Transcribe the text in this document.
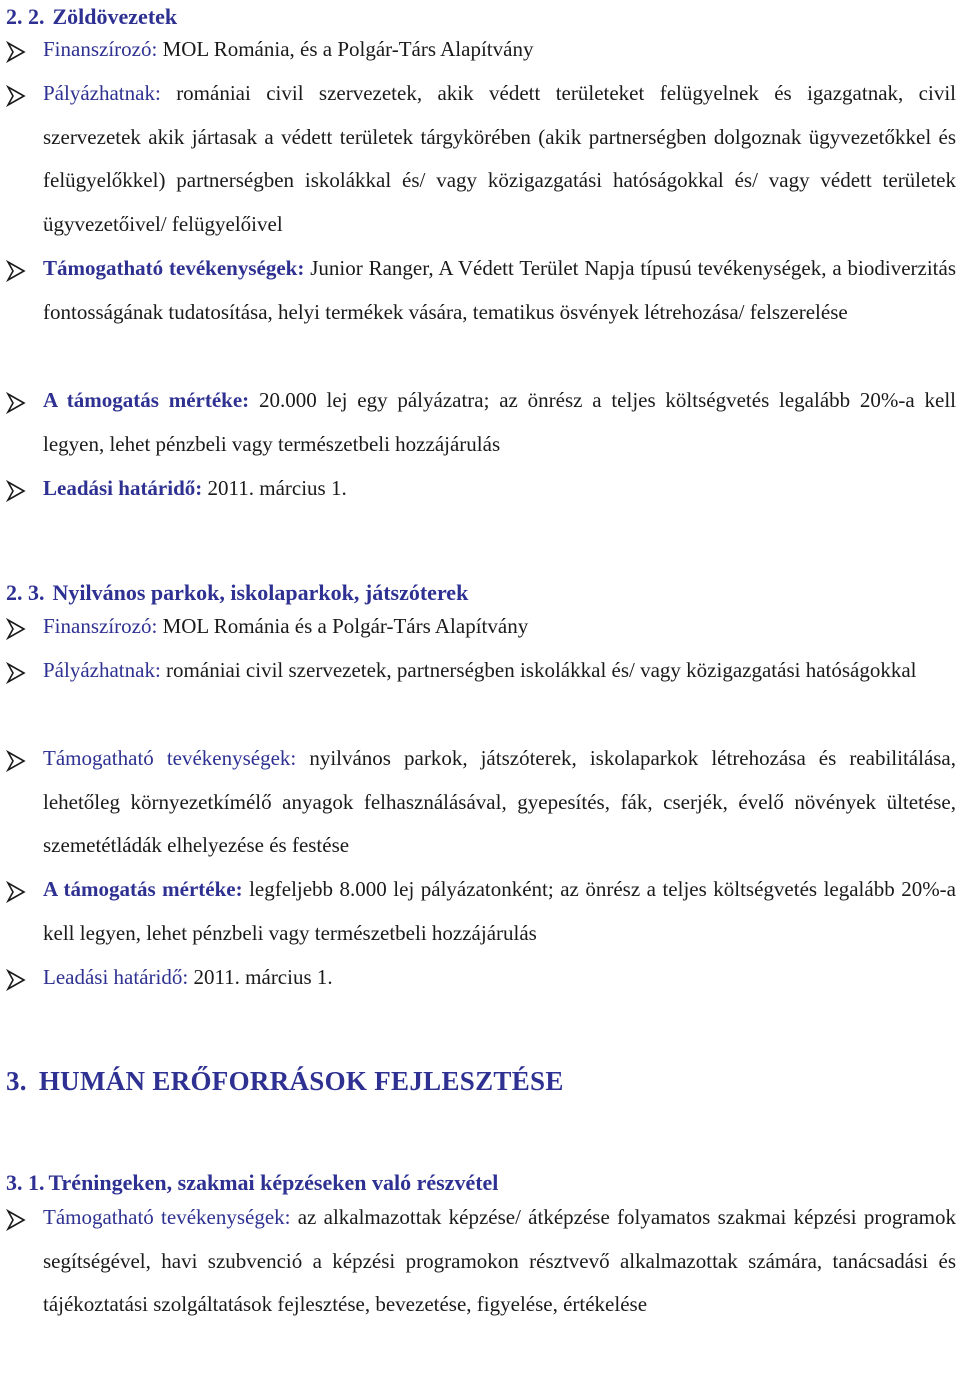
2. 2. Zöldövezetek

Finanszírozó: MOL Románia, és a Polgár-Társ Alapítvány

Pályázhatnak: romániai civil szervezetek, akik védett területeket felügyelnek és igazgatnak, civil szervezetek akik jártasak a védett területek tárgykörében (akik partnerségben dolgoznak ügyvezetőkkel és felügyelőkkel) partnerségben iskolákkal és/ vagy közigazgatási hatóságokkal és/ vagy védett területek ügyvezetőivel/ felügyelőivel

Támogatható tevékenységek: Junior Ranger, A Védett Terület Napja típusú tevékenységek, a biodiverzitás fontosságának tudatosítása, helyi termékek vására, tematikus ösvények létrehozása/ felszerelése

A támogatás mértéke: 20.000 lej egy pályázatra; az önrész a teljes költségvetés legalább 20%-a kell legyen, lehet pénzbeli vagy természetbeli hozzájárulás

Leadási határidő: 2011. március 1.

2. 3. Nyilvános parkok, iskolaparkok, játszóterek

Finanszírozó: MOL Románia és a Polgár-Társ Alapítvány

Pályázhatnak: romániai civil szervezetek, partnerségben iskolákkal és/ vagy közigazgatási hatóságokkal

Támogatható tevékenységek: nyilvános parkok, játszóterek, iskolaparkok létrehozása és reabilitálása, lehetőleg környezetkímélő anyagok felhasználásával, gyepesítés, fák, cserjék, évelő növények ültetése, szemetétládák elhelyezése és festése

A támogatás mértéke: legfeljebb 8.000 lej pályázatonként; az önrész a teljes költségvetés legalább 20%-a kell legyen, lehet pénzbeli vagy természetbeli hozzájárulás

Leadási határidő: 2011. március 1.

3. HUMÁN ERŐFORRÁSOK FEJLESZTÉSE
3. 1. Tréningeken, szakmai képzéseken való részvétel

Támogatható tevékenységek: az alkalmazottak képzése/ átképzése folyamatos szakmai képzési programok segítségével, havi szubvenció a képzési programokon résztvevő alkalmazottak számára, tanácsadási és tájékoztatási szolgáltatások fejlesztése, bevezetése, figyelése, értékelése
